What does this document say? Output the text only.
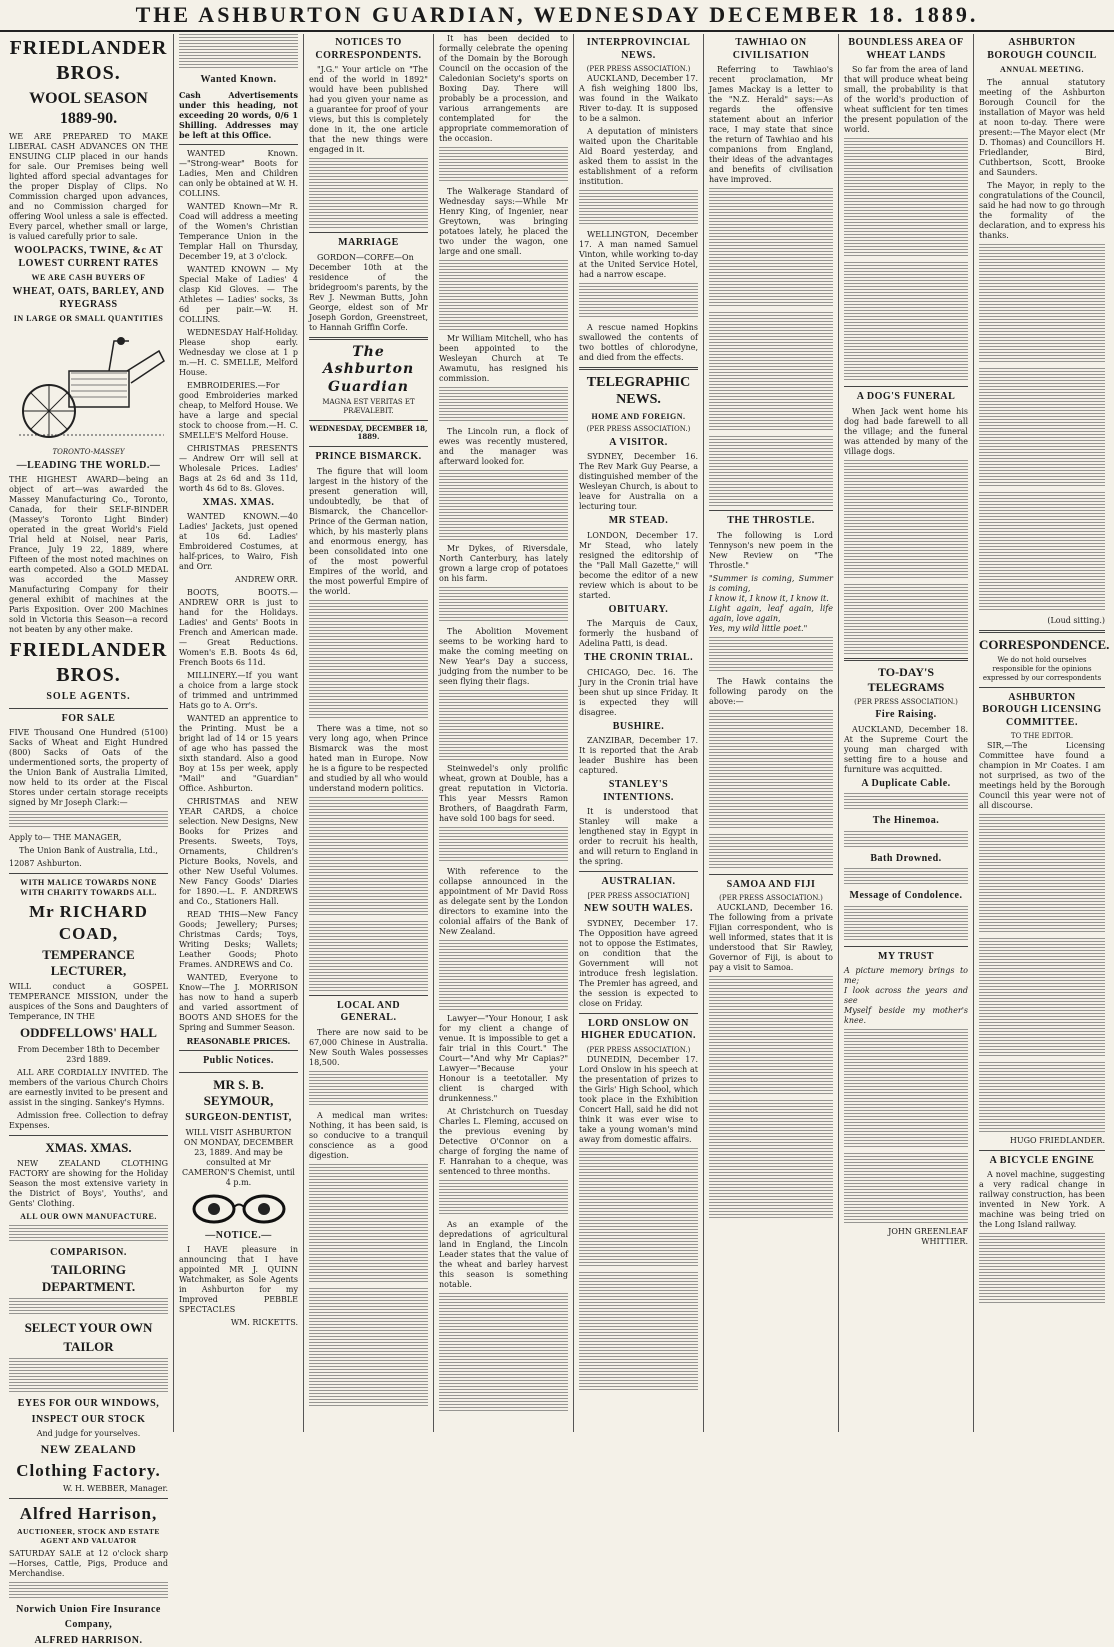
THE ASHBURTON GUARDIAN, WEDNESDAY DECEMBER 18. 1889.
FRIEDLANDER BROS.
WOOL SEASON 1889-90.

WE ARE PREPARED TO MAKE LIBERAL CASH ADVANCES ON THE ENSUING CLIP placed in our hands for sale. Our Premises being well lighted afford special advantages for the proper Display of Clips. No Commission charged upon advances, and no Commission charged for offering Wool unless a sale is effected. Every parcel, whether small or large, is valued carefully prior to sale.

WOOLPACKS, TWINE, &c AT LOWEST CURRENT RATES
WE ARE CASH BUYERS OF
WHEAT, OATS, BARLEY, AND RYEGRASS
IN LARGE OR SMALL QUANTITIES
TORONTO-MASSEY
—LEADING THE WORLD.—

THE HIGHEST AWARD—being an object of art—was awarded the Massey Manufacturing Co., Toronto, Canada, for their SELF-BINDER (Massey's Toronto Light Binder) operated in the great World's Field Trial held at Noisel, near Paris, France, July 19 22, 1889, where Fifteen of the most noted machines on earth competed. Also a GOLD MEDAL was accorded the Massey Manufacturing Company for their general exhibit of machines at the Paris Exposition. Over 200 Machines sold in Victoria this Season—a record not beaten by any other make.

FRIEDLANDER BROS.
SOLE AGENTS.
FOR SALE

FIVE Thousand One Hundred (5100) Sacks of Wheat and Eight Hundred (800) Sacks of Oats of the undermentioned sorts, the property of the Union Bank of Australia Limited, now held to its order at the Fiscal Stores under certain storage receipts signed by Mr Joseph Clark:—

Apply to— THE MANAGER,

The Union Bank of Australia, Ltd.,

12087 Ashburton.

WITH MALICE TOWARDS NONE WITH CHARITY TOWARDS ALL.
Mr RICHARD COAD,
TEMPERANCE LECTURER,

WILL conduct a GOSPEL TEMPERANCE MISSION, under the auspices of the Sons and Daughters of Temperance, IN THE

ODDFELLOWS' HALL

From December 18th to December 23rd 1889.

ALL ARE CORDIALLY INVITED. The members of the various Church Choirs are earnestly invited to be present and assist in the singing. Sankey's Hymns.

Admission free. Collection to defray Expenses.

XMAS. XMAS.

NEW ZEALAND CLOTHING FACTORY are showing for the Holiday Season the most extensive variety in the District of Boys', Youths', and Gents' Clothing.

ALL OUR OWN MANUFACTURE.
COMPARISON.
TAILORING DEPARTMENT.
SELECT YOUR OWN
TAILOR
EYES FOR OUR WINDOWS,
INSPECT OUR STOCK

And judge for yourselves.

NEW ZEALAND
Clothing Factory.

W. H. WEBBER, Manager.

Alfred Harrison,
AUCTIONEER, STOCK AND ESTATE AGENT AND VALUATOR

SATURDAY SALE at 12 o'clock sharp —Horses, Cattle, Pigs, Produce and Merchandise.

Norwich Union Fire Insurance
Company,
ALFRED HARRISON.
Wanted Known.

Cash Advertisements under this heading, not exceeding 20 words, 0/6 1 Shilling. Addresses may be left at this Office.

WANTED Known.—"Strong-wear" Boots for Ladies, Men and Children can only be obtained at W. H. COLLINS.

WANTED Known—Mr R. Coad will address a meeting of the Women's Christian Temperance Union in the Templar Hall on Thursday, December 19, at 3 o'clock.

WANTED KNOWN — My Special Make of Ladies' 4 clasp Kid Gloves. — The Athletes — Ladies' socks, 3s 6d per pair.—W. H. COLLINS.

WEDNESDAY Half-Holiday. Please shop early. Wednesday we close at 1 p m.—H. C. SMELLE, Melford House.

EMBROIDERIES.—For good Embroideries marked cheap, to Melford House. We have a large and special stock to choose from.—H. C. SMELLE'S Melford House.

CHRISTMAS PRESENTS — Andrew Orr will sell at Wholesale Prices. Ladies' Bags at 2s 6d and 3s 11d, worth 4s 6d to 8s. Gloves.

XMAS. XMAS.

WANTED KNOWN.—40 Ladies' Jackets, just opened at 10s 6d. Ladies' Embroidered Costumes, at half-prices, to Wairo, Fish and Orr.

ANDREW ORR.

BOOTS, BOOTS.—ANDREW ORR is just to hand for the Holidays. Ladies' and Gents' Boots in French and American made. — Great Reductions. Women's E.B. Boots 4s 6d, French Boots 6s 11d.

MILLINERY.—If you want a choice from a large stock of trimmed and untrimmed Hats go to A. Orr's.

WANTED an apprentice to the Printing. Must be a bright lad of 14 or 15 years of age who has passed the sixth standard. Also a good Boy at 15s per week, apply "Mail" and "Guardian" Office. Ashburton.

CHRISTMAS and NEW YEAR CARDS, a choice selection. New Designs, New Books for Prizes and Presents. Sweets, Toys, Ornaments, Children's Picture Books, Novels, and other New Useful Volumes. New Fancy Goods' Diaries for 1890.—L. F. ANDREWS and Co., Stationers Hall.

READ THIS—New Fancy Goods; Jewellery; Purses; Christmas Cards; Toys, Writing Desks; Wallets; Leather Goods; Photo Frames. ANDREWS and Co.

WANTED, Everyone to Know—The J. MORRISON has now to hand a superb and varied assortment of BOOTS AND SHOES for the Spring and Summer Season.

REASONABLE PRICES.

Public Notices.
MR S. B. SEYMOUR,
SURGEON-DENTIST,

WILL VISIT ASHBURTON ON MONDAY, DECEMBER 23, 1889. And may be consulted at Mr CAMERON'S Chemist, until 4 p.m.

—NOTICE.—

I HAVE pleasure in announcing that I have appointed MR J. QUINN Watchmaker, as Sole Agents in Ashburton for my Improved PEBBLE SPECTACLES

WM. RICKETTS.

NOTICES TO CORRESPONDENTS.

"J.G." Your article on "The end of the world in 1892" would have been published had you given your name as a guarantee for proof of your views, but this is completely done in it, the one article that the new things were engaged in it.

MARRIAGE

GORDON—CORFE—On December 10th at the residence of the bridegroom's parents, by the Rev J. Newman Butts, John George, eldest son of Mr Joseph Gordon, Greenstreet, to Hannah Griffin Corfe.

The Ashburton Guardian
MAGNA EST VERITAS ET PRÆVALEBIT.
WEDNESDAY, DECEMBER 18, 1889.
PRINCE BISMARCK.

The figure that will loom largest in the history of the present generation will, undoubtedly, be that of Bismarck, the Chancellor-Prince of the German nation, which, by his masterly plans and enormous energy, has been consolidated into one of the most powerful Empires of the world, and the most powerful Empire of the world.

There was a time, not so very long ago, when Prince Bismarck was the most hated man in Europe. Now he is a figure to be respected and studied by all who would understand modern politics.

LOCAL AND GENERAL.

There are now said to be 67,000 Chinese in Australia. New South Wales possesses 18,500.

A medical man writes: Nothing, it has been said, is so conducive to a tranquil conscience as a good digestion.

It has been decided to formally celebrate the opening of the Domain by the Borough Council on the occasion of the Caledonian Society's sports on Boxing Day. There will probably be a procession, and various arrangements are contemplated for the appropriate commemoration of the occasion.

The Walkerage Standard of Wednesday says:—While Mr Henry King, of Ingenier, near Greytown, was bringing potatoes lately, he placed the two under the wagon, one large and one small.

Mr William Mitchell, who has been appointed to the Wesleyan Church at Te Awamutu, has resigned his commission.

The Lincoln run, a flock of ewes was recently mustered, and the manager was afterward looked for.

Mr Dykes, of Riversdale, North Canterbury, has lately grown a large crop of potatoes on his farm.

The Abolition Movement seems to be working hard to make the coming meeting on New Year's Day a success, judging from the number to be seen flying their flags.

Steinwedel's only prolific wheat, grown at Double, has a great reputation in Victoria. This year Messrs Ramon Brothers, of Baagdrath Farm, have sold 100 bags for seed.

With reference to the collapse announced in the appointment of Mr David Ross as delegate sent by the London directors to examine into the colonial affairs of the Bank of New Zealand.

Lawyer—"Your Honour, I ask for my client a change of venue. It is impossible to get a fair trial in this Court." The Court—"And why Mr Capias?" Lawyer—"Because your Honour is a teetotaller. My client is charged with drunkenness."

At Christchurch on Tuesday Charles L. Fleming, accused on the previous evening by Detective O'Connor on a charge of forging the name of F. Hanrahan to a cheque, was sentenced to three months.

As an example of the depredations of agricultural land in England, the Lincoln Leader states that the value of the wheat and barley harvest this season is something notable.

INTERPROVINCIAL NEWS.
(PER PRESS ASSOCIATION.)

AUCKLAND, December 17. A fish weighing 1800 lbs, was found in the Waikato River to-day. It is supposed to be a salmon.

A deputation of ministers waited upon the Charitable Aid Board yesterday, and asked them to assist in the establishment of a reform institution.

WELLINGTON, December 17. A man named Samuel Vinton, while working to-day at the United Service Hotel, had a narrow escape.

A rescue named Hopkins swallowed the contents of two bottles of chlorodyne, and died from the effects.

TELEGRAPHIC NEWS.
HOME AND FOREIGN.
(PER PRESS ASSOCIATION.)
A VISITOR.

SYDNEY, December 16. The Rev Mark Guy Pearse, a distinguished member of the Wesleyan Church, is about to leave for Australia on a lecturing tour.

MR STEAD.

LONDON, December 17. Mr Stead, who lately resigned the editorship of the "Pall Mall Gazette," will become the editor of a new review which is about to be started.

OBITUARY.

The Marquis de Caux, formerly the husband of Adelina Patti, is dead.

THE CRONIN TRIAL.

CHICAGO, Dec. 16. The Jury in the Cronin trial have been shut up since Friday. It is expected they will disagree.

BUSHIRE.

ZANZIBAR, December 17. It is reported that the Arab leader Bushire has been captured.

STANLEY'S INTENTIONS.

It is understood that Stanley will make a lengthened stay in Egypt in order to recruit his health, and will return to England in the spring.

AUSTRALIAN.
[PER PRESS ASSOCIATION]
NEW SOUTH WALES.

SYDNEY, December 17. The Opposition have agreed not to oppose the Estimates, on condition that the Government will not introduce fresh legislation. The Premier has agreed, and the session is expected to close on Friday.

LORD ONSLOW ON HIGHER EDUCATION.
(PER PRESS ASSOCIATION.)

DUNEDIN, December 17. Lord Onslow in his speech at the presentation of prizes to the Girls' High School, which took place in the Exhibition Concert Hall, said he did not think it was ever wise to take a young woman's mind away from domestic affairs.

TAWHIAO ON CIVILISATION

Referring to Tawhiao's recent proclamation, Mr James Mackay is a letter to the "N.Z. Herald" says:—As regards the offensive statement about an inferior race, I may state that since the return of Tawhiao and his companions from England, their ideas of the advantages and benefits of civilisation have improved.

THE THROSTLE.

The following is Lord Tennyson's new poem in the New Review on "The Throstle."

"Summer is coming, Summer is coming,
I know it, I know it, I know it.
Light again, leaf again, life again, love again,
Yes, my wild little poet."

The Hawk contains the following parody on the above:—

SAMOA AND FIJI
(PER PRESS ASSOCIATION.)

AUCKLAND, December 16. The following from a private Fijian correspondent, who is well informed, states that it is understood that Sir Rawley, Governor of Fiji, is about to pay a visit to Samoa.

BOUNDLESS AREA OF WHEAT LANDS

So far from the area of land that will produce wheat being small, the probability is that of the world's production of wheat sufficient for ten times the present population of the world.

A DOG'S FUNERAL

When Jack went home his dog had bade farewell to all the village; and the funeral was attended by many of the village dogs.

TO-DAY'S TELEGRAMS
(PER PRESS ASSOCIATION.)
Fire Raising.

AUCKLAND, December 18. At the Supreme Court the young man charged with setting fire to a house and furniture was acquitted.

A Duplicate Cable.
The Hinemoa.
Bath Drowned.
Message of Condolence.
MY TRUST

A picture memory brings to me;
I look across the years and see
Myself beside my mother's knee.

JOHN GREENLEAF WHITTIER.

ASHBURTON BOROUGH COUNCIL
ANNUAL MEETING.

The annual statutory meeting of the Ashburton Borough Council for the installation of Mayor was held at noon to-day. There were present:—The Mayor elect (Mr D. Thomas) and Councillors H. Friedlander, Bird, Cuthbertson, Scott, Brooke and Saunders.

The Mayor, in reply to the congratulations of the Council, said he had now to go through the formality of the declaration, and to express his thanks.

(Loud sitting.)

CORRESPONDENCE.

We do not hold ourselves responsible for the opinions expressed by our correspondents

ASHBURTON BOROUGH LICENSING COMMITTEE.
TO THE EDITOR.

SIR,—The Licensing Committee have found a champion in Mr Coates. I am not surprised, as two of the meetings held by the Borough Council this year were not of all discourse.

HUGO FRIEDLANDER.

A BICYCLE ENGINE

A novel machine, suggesting a very radical change in railway construction, has been invented in New York. A machine was being tried on the Long Island railway.
